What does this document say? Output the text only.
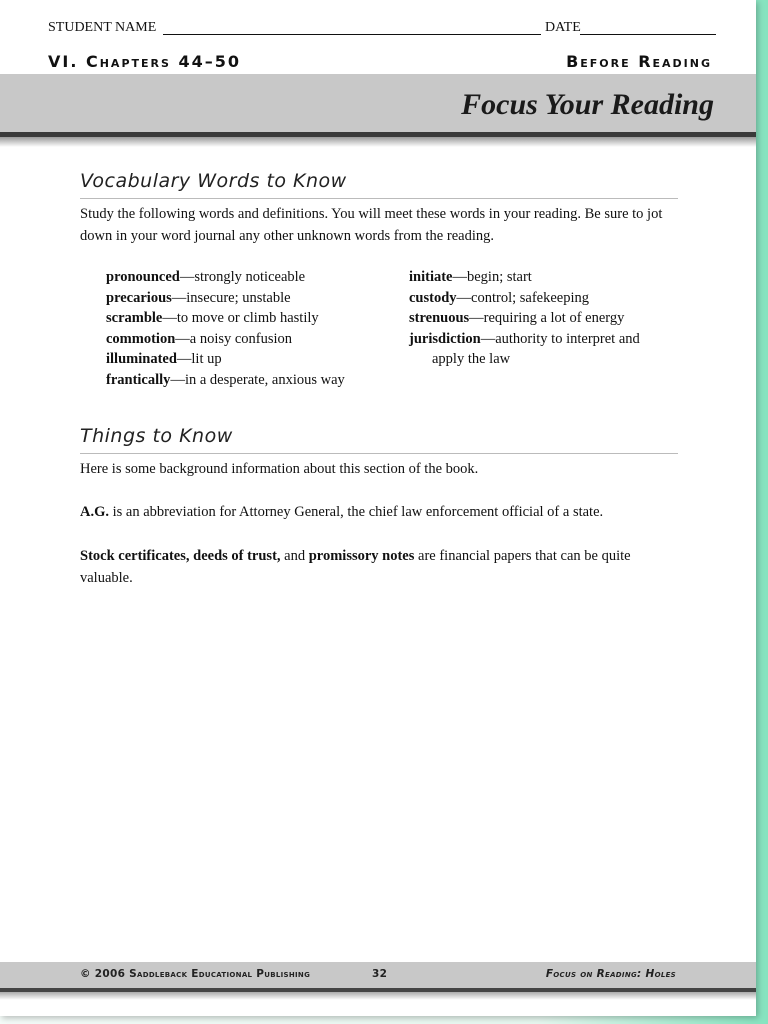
STUDENT NAME	DATE
VI. Chapters 44–50	Before Reading
Focus Your Reading
Vocabulary Words to Know
Study the following words and definitions. You will meet these words in your reading. Be sure to jot down in your word journal any other unknown words from the reading.
pronounced—strongly noticeable
precarious—insecure; unstable
scramble—to move or climb hastily
commotion—a noisy confusion
illuminated—lit up
frantically—in a desperate, anxious way
initiate—begin; start
custody—control; safekeeping
strenuous—requiring a lot of energy
jurisdiction—authority to interpret and
apply the law
Things to Know
Here is some background information about this section of the book.
A.G. is an abbreviation for Attorney General, the chief law enforcement official of a state.
Stock certificates, deeds of trust, and promissory notes are financial papers that can be quite valuable.
© 2006 Saddleback Educational Publishing	32	Focus on Reading: Holes
